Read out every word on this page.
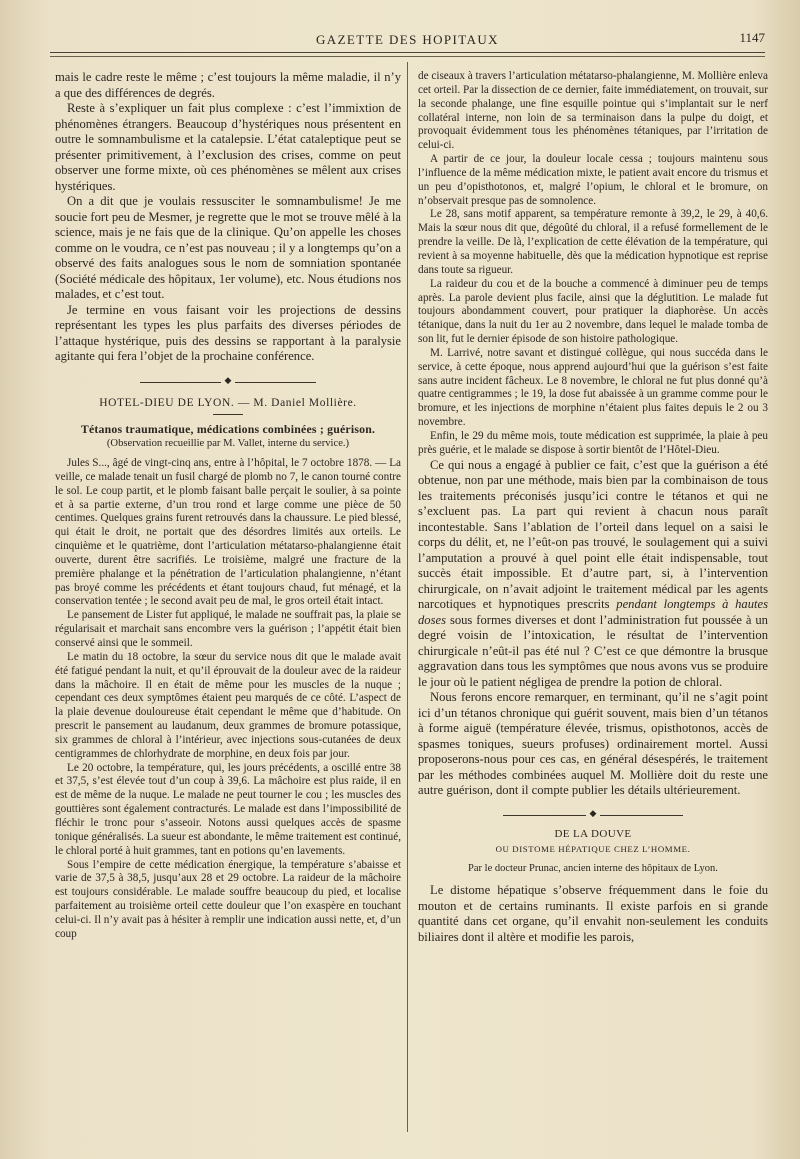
GAZETTE DES HOPITAUX	1147

mais le cadre reste le même ; c’est toujours la même maladie, il n’y a que des différences de degrés.

Reste à s’expliquer un fait plus complexe : c’est l’immixtion de phénomènes étrangers. Beaucoup d’hystériques nous présentent en outre le somnambulisme et la catalepsie. L’état cataleptique peut se présenter primitivement, à l’exclusion des crises, comme on peut observer une forme mixte, où ces phénomènes se mêlent aux crises hystériques.

On a dit que je voulais ressusciter le somnambulisme! Je me soucie fort peu de Mesmer, je regrette que le mot se trouve mêlé à la science, mais je ne fais que de la clinique. Qu’on appelle les choses comme on le voudra, ce n’est pas nouveau ; il y a longtemps qu’on a observé des faits analogues sous le nom de somniation spontanée (Société médicale des hôpitaux, 1er volume), etc. Nous étudions nos malades, et c’est tout.

Je termine en vous faisant voir les projections de dessins représentant les types les plus parfaits des diverses périodes de l’attaque hystérique, puis des dessins se rapportant à la paralysie agitante qui fera l’objet de la prochaine conférence.

◆
HOTEL-DIEU DE LYON. — M. Daniel Mollière.
Tétanos traumatique, médications combinées ; guérison.
(Observation recueillie par M. Vallet, interne du service.)

Jules S..., âgé de vingt-cinq ans, entre à l’hôpital, le 7 octobre 1878. — La veille, ce malade tenait un fusil chargé de plomb no 7, le canon tourné contre le sol. Le coup partit, et le plomb faisant balle perçait le soulier, à sa pointe et à sa partie externe, d’un trou rond et large comme une pièce de 50 centimes. Quelques grains furent retrouvés dans la chaussure. Le pied blessé, qui était le droit, ne portait que des désordres limités aux orteils. Le cinquième et le quatrième, dont l’articulation métatarso-phalangienne était ouverte, durent être sacrifiés. Le troisième, malgré une fracture de la première phalange et la pénétration de l’articulation phalangienne, n’étant pas broyé comme les précédents et étant toujours chaud, fut ménagé, et la conservation tentée ; le second avait peu de mal, le gros orteil était intact.

Le pansement de Lister fut appliqué, le malade ne souffrait pas, la plaie se régularisait et marchait sans encombre vers la guérison ; l’appétit était bien conservé ainsi que le sommeil.

Le matin du 18 octobre, la sœur du service nous dit que le malade avait été fatigué pendant la nuit, et qu’il éprouvait de la douleur avec de la raideur dans la mâchoire. Il en était de même pour les muscles de la nuque ; cependant ces deux symptômes étaient peu marqués de ce côté. L’aspect de la plaie devenue douloureuse était cependant le même que d’habitude. On prescrit le pansement au laudanum, deux grammes de bromure potassique, six grammes de chloral à l’intérieur, avec injections sous-cutanées de deux centigrammes de chlorhydrate de morphine, en deux fois par jour.

Le 20 octobre, la température, qui, les jours précédents, a oscillé entre 38 et 37,5, s’est élevée tout d’un coup à 39,6. La mâchoire est plus raide, il en est de même de la nuque. Le malade ne peut tourner le cou ; les muscles des gouttières sont également contracturés. Le malade est dans l’impossibilité de fléchir le tronc pour s’asseoir. Notons aussi quelques accès de spasme tonique généralisés. La sueur est abondante, le même traitement est continué, le chloral porté à huit grammes, tant en potions qu’en lavements.

Sous l’empire de cette médication énergique, la température s’abaisse et varie de 37,5 à 38,5, jusqu’aux 28 et 29 octobre. La raideur de la mâchoire est toujours considérable. Le malade souffre beaucoup du pied, et localise parfaitement au troisième orteil cette douleur que l’on exaspère en touchant celui-ci. Il n’y avait pas à hésiter à remplir une indication aussi nette, et, d’un coup

de ciseaux à travers l’articulation métatarso-phalangienne, M. Mollière enleva cet orteil. Par la dissection de ce dernier, faite immédiatement, on trouvait, sur la seconde phalange, une fine esquille pointue qui s’implantait sur le nerf collatéral interne, non loin de sa terminaison dans la pulpe du doigt, et provoquait évidemment tous les phénomènes tétaniques, par l’irritation de celui-ci.

A partir de ce jour, la douleur locale cessa ; toujours maintenu sous l’influence de la même médication mixte, le patient avait encore du trismus et un peu d’opisthotonos, et, malgré l’opium, le chloral et le bromure, on n’observait presque pas de somnolence.

Le 28, sans motif apparent, sa température remonte à 39,2, le 29, à 40,6. Mais la sœur nous dit que, dégoûté du chloral, il a refusé formellement de le prendre la veille. De là, l’explication de cette élévation de la température, qui revient à sa moyenne habituelle, dès que la médication hypnotique est reprise dans toute sa rigueur.

La raideur du cou et de la bouche a commencé à diminuer peu de temps après. La parole devient plus facile, ainsi que la déglutition. Le malade fut toujours abondamment couvert, pour pratiquer la diaphorèse. Un accès tétanique, dans la nuit du 1er au 2 novembre, dans lequel le malade tomba de son lit, fut le dernier épisode de son histoire pathologique.

M. Larrivé, notre savant et distingué collègue, qui nous succéda dans le service, à cette époque, nous apprend aujourd’hui que la guérison s’est faite sans autre incident fâcheux. Le 8 novembre, le chloral ne fut plus donné qu’à quatre centigrammes ; le 19, la dose fut abaissée à un gramme comme pour le bromure, et les injections de morphine n’étaient plus faites depuis le 2 ou 3 novembre.

Enfin, le 29 du même mois, toute médication est supprimée, la plaie à peu près guérie, et le malade se dispose à sortir bientôt de l’Hôtel-Dieu.

Ce qui nous a engagé à publier ce fait, c’est que la guérison a été obtenue, non par une méthode, mais bien par la combinaison de tous les traitements préconisés jusqu’ici contre le tétanos et qui ne s’excluent pas. La part qui revient à chacun nous paraît incontestable. Sans l’ablation de l’orteil dans lequel on a saisi le corps du délit, et, ne l’eût-on pas trouvé, le soulagement qui a suivi l’amputation a prouvé à quel point elle était indispensable, tout succès était impossible. Et d’autre part, si, à l’intervention chirurgicale, on n’avait adjoint le traitement médical par les agents narcotiques et hypnotiques prescrits pendant longtemps à hautes doses sous formes diverses et dont l’administration fut poussée à un degré voisin de l’intoxication, le résultat de l’intervention chirurgicale n’eût-il pas été nul ? C’est ce que démontre la brusque aggravation dans tous les symptômes que nous avons vus se produire le jour où le patient négligea de prendre la potion de chloral.

Nous ferons encore remarquer, en terminant, qu’il ne s’agit point ici d’un tétanos chronique qui guérit souvent, mais bien d’un tétanos à forme aiguë (température élevée, trismus, opisthotonos, accès de spasmes toniques, sueurs profuses) ordinairement mortel. Aussi proposerons-nous pour ces cas, en général désespérés, le traitement par les méthodes combinées auquel M. Mollière doit du reste une autre guérison, dont il compte publier les détails ultérieurement.

◆
DE LA DOUVE
OU DISTOME HÉPATIQUE CHEZ L’HOMME.
Par le docteur Prunac, ancien interne des hôpitaux de Lyon.

Le distome hépatique s’observe fréquemment dans le foie du mouton et de certains ruminants. Il existe parfois en si grande quantité dans cet organe, qu’il envahit non-seulement les conduits biliaires dont il altère et modifie les parois,
